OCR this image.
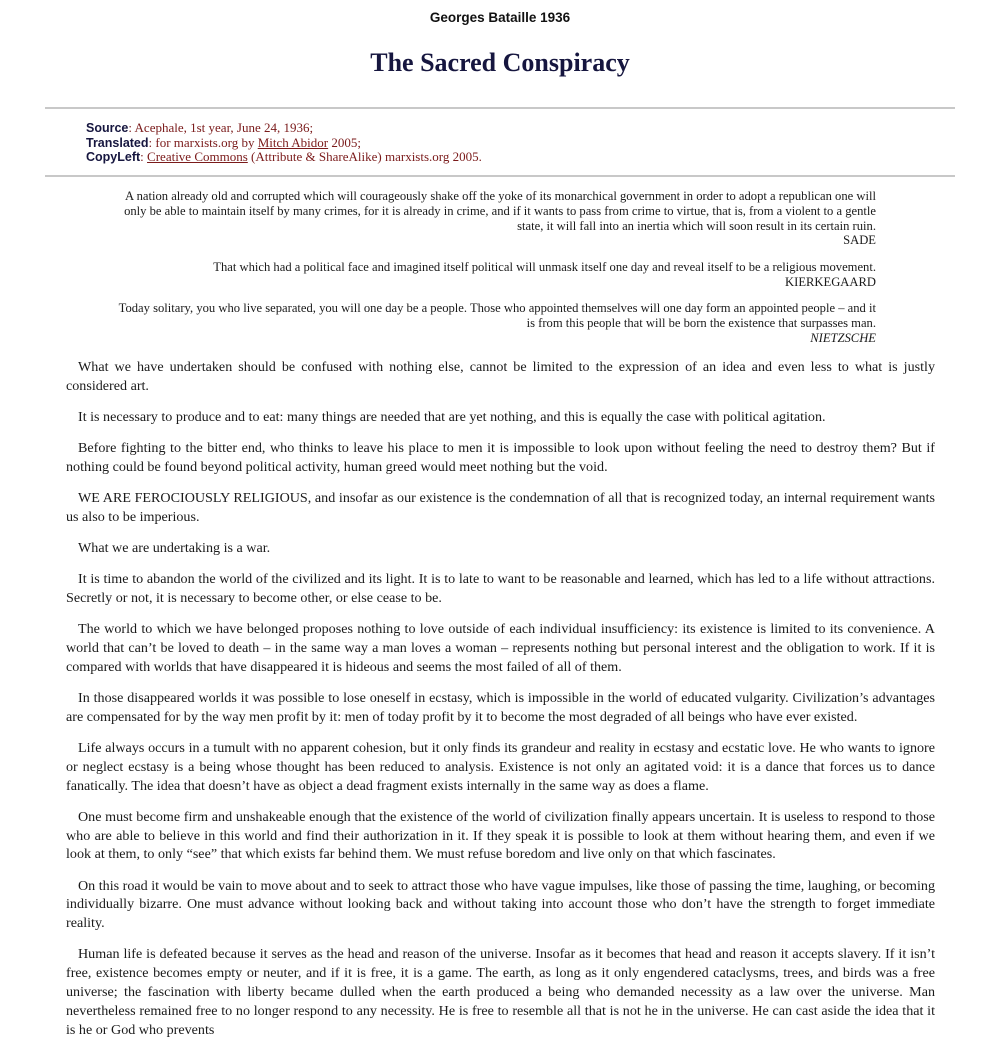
Georges Bataille 1936
The Sacred Conspiracy
Source: Acephale, 1st year, June 24, 1936;
Translated: for marxists.org by Mitch Abidor 2005;
CopyLeft: Creative Commons (Attribute & ShareAlike) marxists.org 2005.
A nation already old and corrupted which will courageously shake off the yoke of its monarchical government in order to adopt a republican one will only be able to maintain itself by many crimes, for it is already in crime, and if it wants to pass from crime to virtue, that is, from a violent to a gentle state, it will fall into an inertia which will soon result in its certain ruin.
SADE
That which had a political face and imagined itself political will unmask itself one day and reveal itself to be a religious movement.
KIERKEGAARD
Today solitary, you who live separated, you will one day be a people. Those who appointed themselves will one day form an appointed people – and it is from this people that will be born the existence that surpasses man.
NIETZSCHE

What we have undertaken should be confused with nothing else, cannot be limited to the expression of an idea and even less to what is justly considered art.

It is necessary to produce and to eat: many things are needed that are yet nothing, and this is equally the case with political agitation.

Before fighting to the bitter end, who thinks to leave his place to men it is impossible to look upon without feeling the need to destroy them? But if nothing could be found beyond political activity, human greed would meet nothing but the void.

WE ARE FEROCIOUSLY RELIGIOUS, and insofar as our existence is the condemnation of all that is recognized today, an internal requirement wants us also to be imperious.

What we are undertaking is a war.

It is time to abandon the world of the civilized and its light. It is to late to want to be reasonable and learned, which has led to a life without attractions. Secretly or not, it is necessary to become other, or else cease to be.

The world to which we have belonged proposes nothing to love outside of each individual insufficiency: its existence is limited to its convenience. A world that can’t be loved to death – in the same way a man loves a woman – represents nothing but personal interest and the obligation to work. If it is compared with worlds that have disappeared it is hideous and seems the most failed of all of them.

In those disappeared worlds it was possible to lose oneself in ecstasy, which is impossible in the world of educated vulgarity. Civilization’s advantages are compensated for by the way men profit by it: men of today profit by it to become the most degraded of all beings who have ever existed.

Life always occurs in a tumult with no apparent cohesion, but it only finds its grandeur and reality in ecstasy and ecstatic love. He who wants to ignore or neglect ecstasy is a being whose thought has been reduced to analysis. Existence is not only an agitated void: it is a dance that forces us to dance fanatically. The idea that doesn’t have as object a dead fragment exists internally in the same way as does a flame.

One must become firm and unshakeable enough that the existence of the world of civilization finally appears uncertain. It is useless to respond to those who are able to believe in this world and find their authorization in it. If they speak it is possible to look at them without hearing them, and even if we look at them, to only “see” that which exists far behind them. We must refuse boredom and live only on that which fascinates.

On this road it would be vain to move about and to seek to attract those who have vague impulses, like those of passing the time, laughing, or becoming individually bizarre. One must advance without looking back and without taking into account those who don’t have the strength to forget immediate reality.

Human life is defeated because it serves as the head and reason of the universe. Insofar as it becomes that head and reason it accepts slavery. If it isn’t free, existence becomes empty or neuter, and if it is free, it is a game. The earth, as long as it only engendered cataclysms, trees, and birds was a free universe; the fascination with liberty became dulled when the earth produced a being who demanded necessity as a law over the universe. Man nevertheless remained free to no longer respond to any necessity. He is free to resemble all that is not he in the universe. He can cast aside the idea that it is he or God who prevents
